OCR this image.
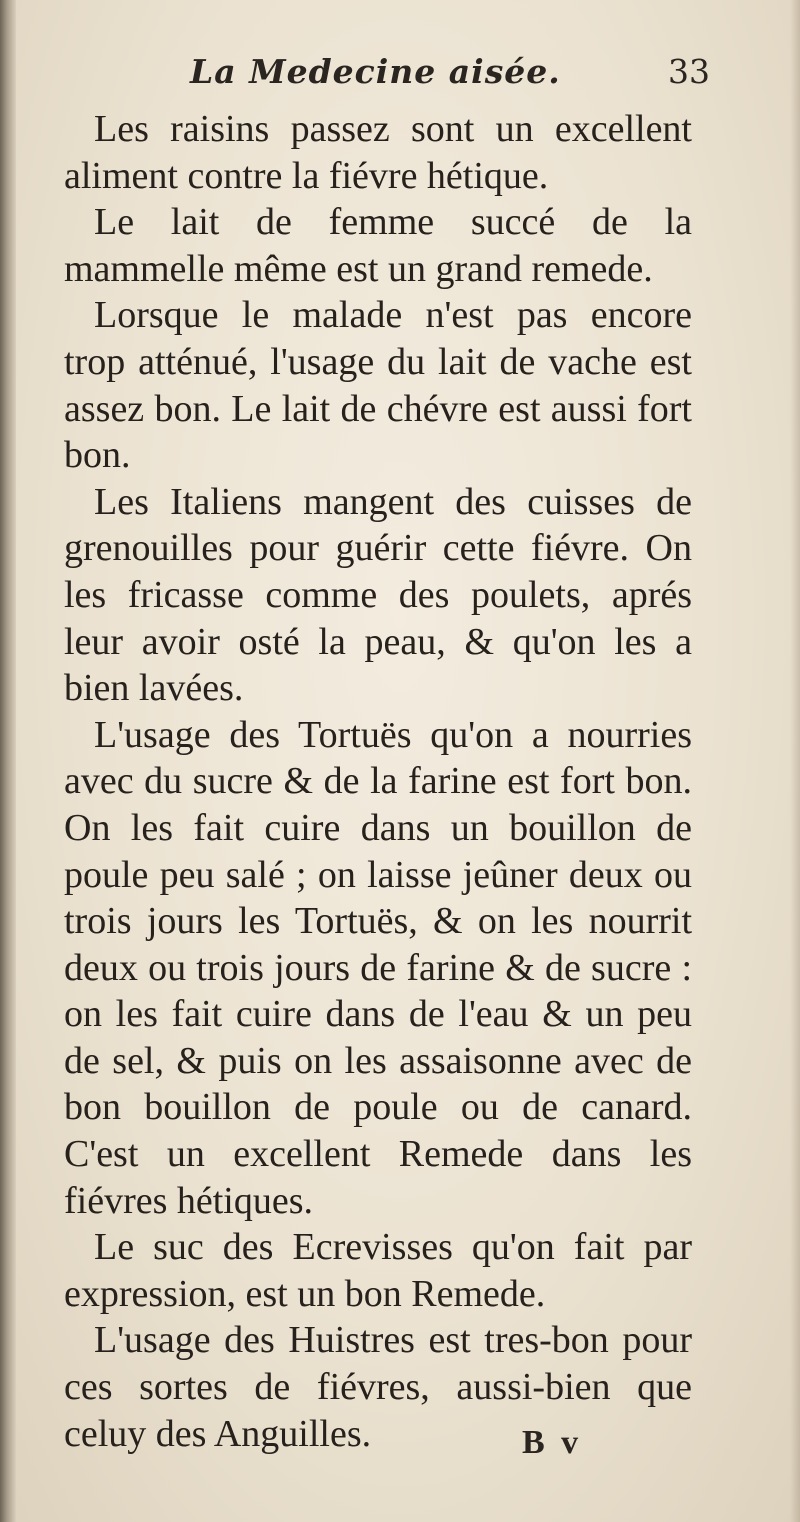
La Medecine aisée.	33

Les raisins passez sont un excellent aliment contre la fiévre hétique.

Le lait de femme succé de la mammelle même est un grand remede.

Lorsque le malade n'est pas encore trop atténué, l'usage du lait de vache est assez bon. Le lait de chévre est aussi fort bon.

Les Italiens mangent des cuisses de grenouilles pour guérir cette fiévre. On les fricasse comme des poulets, aprés leur avoir osté la peau, & qu'on les a bien lavées.

L'usage des Tortuës qu'on a nourries avec du sucre & de la farine est fort bon. On les fait cuire dans un bouillon de poule peu salé ; on laisse jeûner deux ou trois jours les Tortuës, & on les nourrit deux ou trois jours de farine & de sucre : on les fait cuire dans de l'eau & un peu de sel, & puis on les assaisonne avec de bon bouillon de poule ou de canard. C'est un excellent Remede dans les fiévres hétiques.

Le suc des Ecrevisses qu'on fait par expression, est un bon Remede.

L'usage des Huistres est tres-bon pour ces sortes de fiévres, aussi-bien que celuy des Anguilles.	B v
